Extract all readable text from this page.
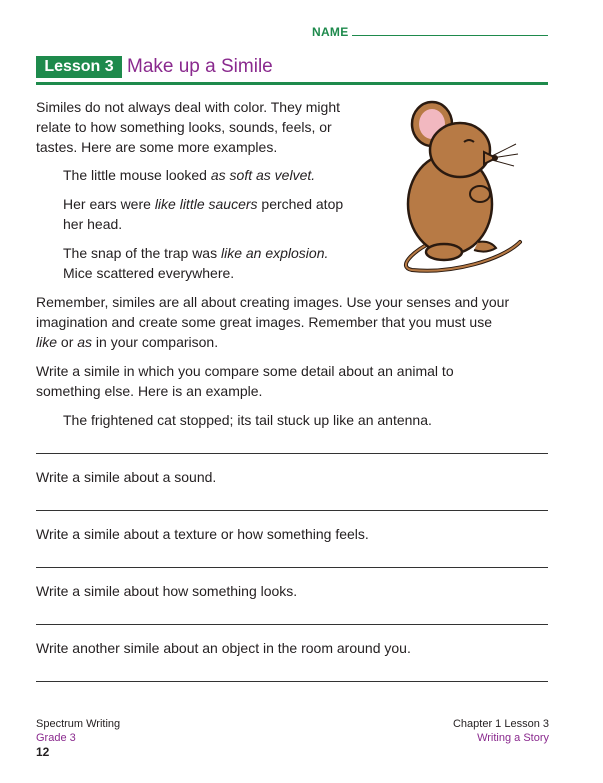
NAME
Lesson 3 Make up a Simile

Similes do not always deal with color. They might

relate to how something looks, sounds, feels, or

tastes. Here are some more examples.

The little mouse looked as soft as velvet.

Her ears were like little saucers perched atop

her head.

The snap of the trap was like an explosion.

Mice scattered everywhere.

Remember, similes are all about creating images. Use your senses and your

imagination and create some great images. Remember that you must use

like or as in your comparison.

Write a simile in which you compare some detail about an animal to

something else. Here is an example.

The frightened cat stopped; its tail stuck up like an antenna.

Write a simile about a sound.

Write a simile about a texture or how something feels.

Write a simile about how something looks.

Write another simile about an object in the room around you.

Spectrum Writing
Grade 3
12
Chapter 1 Lesson 3
Writing a Story
